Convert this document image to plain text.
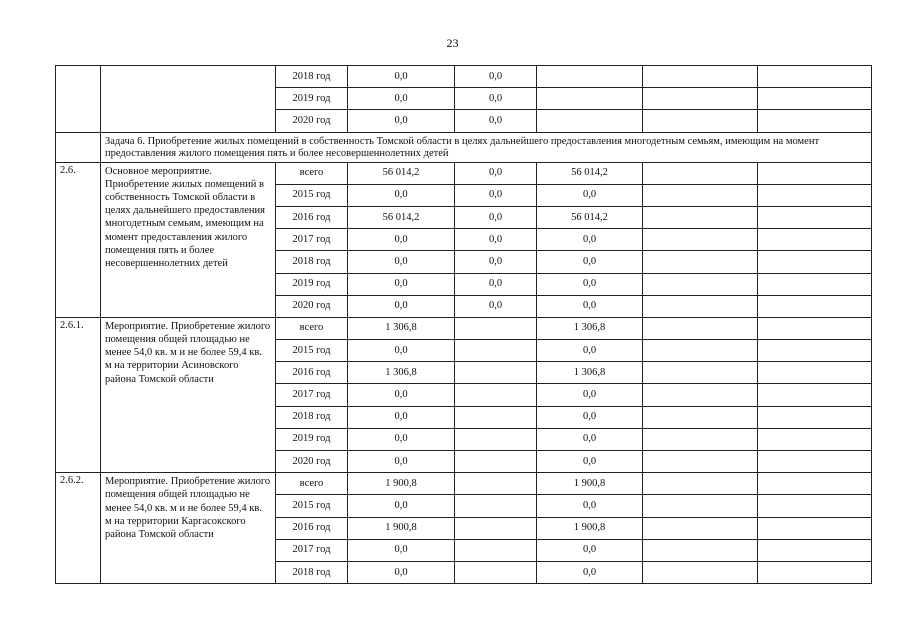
23
		2018 год	0,0	0,0			
		2019 год	0,0	0,0			
		2020 год	0,0	0,0			
	Задача 6. Приобретение жилых помещений в собственность Томской области в целях дальнейшего предоставления многодетным семьям, имеющим на момент предоставления жилого помещения пять и более несовершеннолетних детей						
2.6.	Основное мероприятие. Приобретение жилых помещений в собственность Томской области в целях дальнейшего предоставления многодетным семьям, имеющим на момент предоставления жилого помещения пять и более несовершеннолетних детей	всего	56 014,2	0,0	56 014,2		
		2015 год	0,0	0,0	0,0		
		2016 год	56 014,2	0,0	56 014,2		
		2017 год	0,0	0,0	0,0		
		2018 год	0,0	0,0	0,0		
		2019 год	0,0	0,0	0,0		
		2020 год	0,0	0,0	0,0		
2.6.1.	Мероприятие. Приобретение жилого помещения общей площадью не менее 54,0 кв. м и не более 59,4 кв. м на территории Асиновского района Томской области	всего	1 306,8		1 306,8		
		2015 год	0,0		0,0		
		2016 год	1 306,8		1 306,8		
		2017 год	0,0		0,0		
		2018 год	0,0		0,0		
		2019 год	0,0		0,0		
		2020 год	0,0		0,0		
2.6.2.	Мероприятие. Приобретение жилого помещения общей площадью не менее 54,0 кв. м и не более 59,4 кв. м на территории Каргасокского района Томской области	всего	1 900,8		1 900,8		
		2015 год	0,0		0,0		
		2016 год	1 900,8		1 900,8		
		2017 год	0,0		0,0		
		2018 год	0,0		0,0		
